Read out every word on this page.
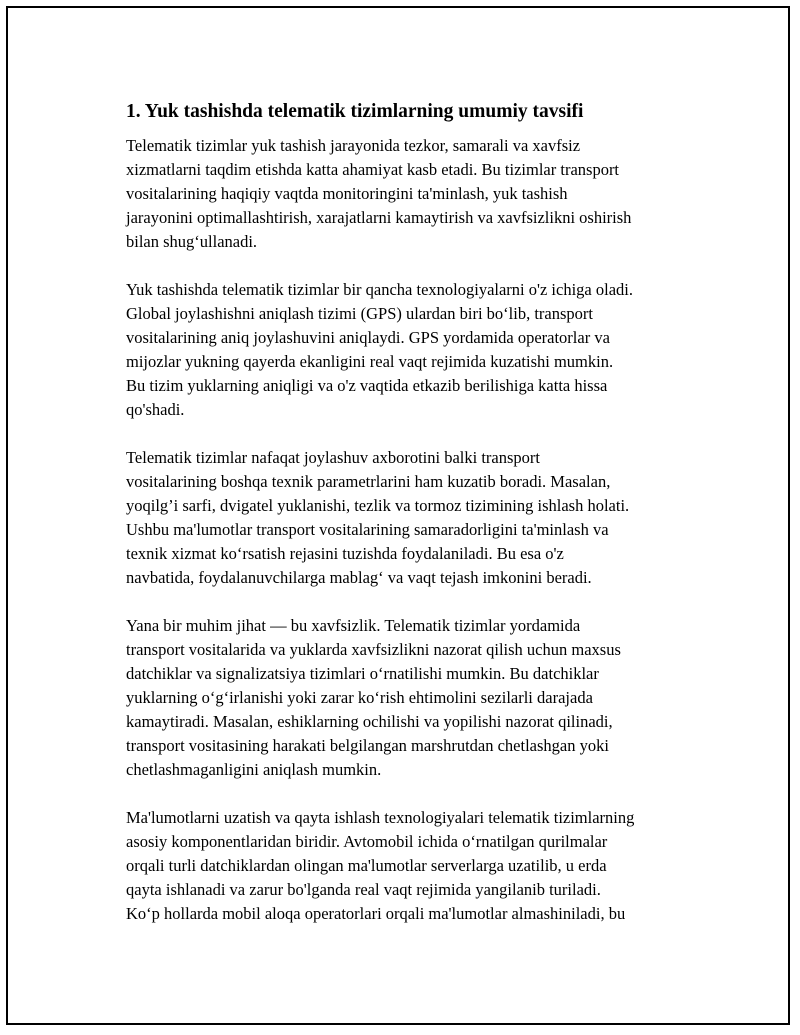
1. Yuk tashishda telematik tizimlarning umumiy tavsifi

Telematik tizimlar yuk tashish jarayonida tezkor, samarali va xavfsiz
xizmatlarni taqdim etishda katta ahamiyat kasb etadi. Bu tizimlar transport
vositalarining haqiqiy vaqtda monitoringini ta'minlash, yuk tashish
jarayonini optimallashtirish, xarajatlarni kamaytirish va xavfsizlikni oshirish
bilan shug‘ullanadi.

Yuk tashishda telematik tizimlar bir qancha texnologiyalarni o'z ichiga oladi.
Global joylashishni aniqlash tizimi (GPS) ulardan biri bo‘lib, transport
vositalarining aniq joylashuvini aniqlaydi. GPS yordamida operatorlar va
mijozlar yukning qayerda ekanligini real vaqt rejimida kuzatishi mumkin.
Bu tizim yuklarning aniqligi va o'z vaqtida etkazib berilishiga katta hissa
qo'shadi.

Telematik tizimlar nafaqat joylashuv axborotini balki transport
vositalarining boshqa texnik parametrlarini ham kuzatib boradi. Masalan,
yoqilg’i sarfi, dvigatel yuklanishi, tezlik va tormoz tizimining ishlash holati.
Ushbu ma'lumotlar transport vositalarining samaradorligini ta'minlash va
texnik xizmat ko‘rsatish rejasini tuzishda foydalaniladi. Bu esa o'z
navbatida, foydalanuvchilarga mablag‘ va vaqt tejash imkonini beradi.

Yana bir muhim jihat — bu xavfsizlik. Telematik tizimlar yordamida
transport vositalarida va yuklarda xavfsizlikni nazorat qilish uchun maxsus
datchiklar va signalizatsiya tizimlari o‘rnatilishi mumkin. Bu datchiklar
yuklarning o‘g‘irlanishi yoki zarar ko‘rish ehtimolini sezilarli darajada
kamaytiradi. Masalan, eshiklarning ochilishi va yopilishi nazorat qilinadi,
transport vositasining harakati belgilangan marshrutdan chetlashgan yoki
chetlashmaganligini aniqlash mumkin.

Ma'lumotlarni uzatish va qayta ishlash texnologiyalari telematik tizimlarning
asosiy komponentlaridan biridir. Avtomobil ichida o‘rnatilgan qurilmalar
orqali turli datchiklardan olingan ma'lumotlar serverlarga uzatilib, u erda
qayta ishlanadi va zarur bo'lganda real vaqt rejimida yangilanib turiladi.
Ko‘p hollarda mobil aloqa operatorlari orqali ma'lumotlar almashiniladi, bu
